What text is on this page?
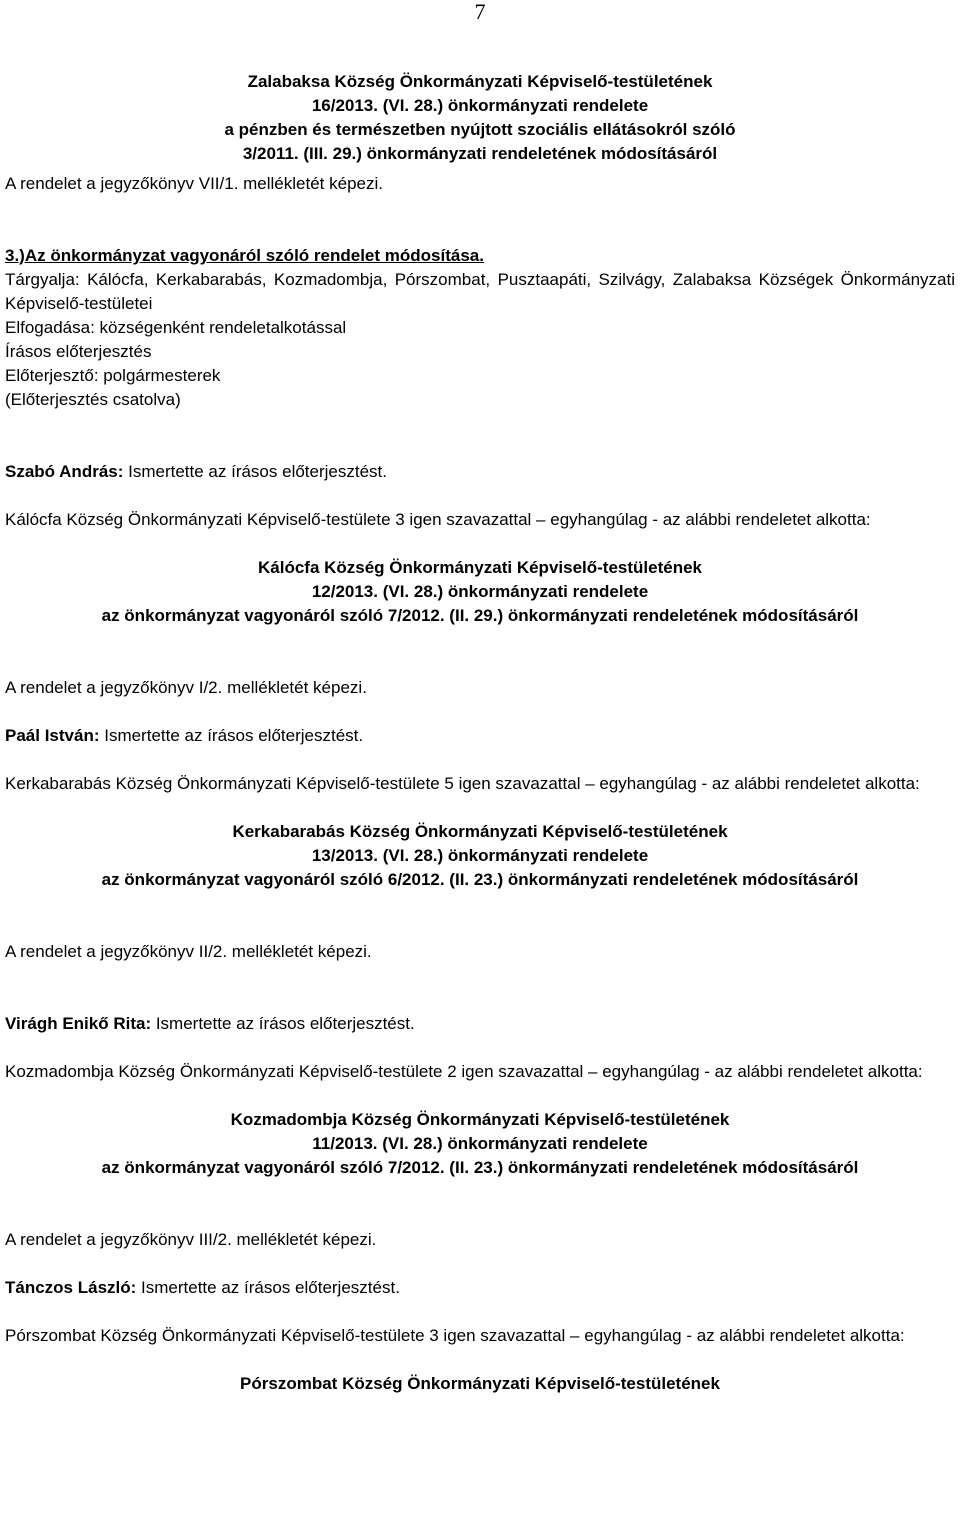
7

Zalabaksa Község Önkormányzati Képviselő-testületének

16/2013. (VI. 28.) önkormányzati rendelete

a pénzben és természetben nyújtott szociális ellátásokról szóló

3/2011. (III. 29.) önkormányzati rendeletének módosításáról

A rendelet a jegyzőkönyv VII/1. mellékletét képezi.

3.)Az önkormányzat vagyonáról szóló rendelet módosítása.

Tárgyalja: Kálócfa, Kerkabarabás, Kozmadombja, Pórszombat, Pusztaapáti, Szilvágy, Zalabaksa Községek Önkormányzati Képviselő-testületei

Elfogadása: községenként rendeletalkotással

Írásos előterjesztés

Előterjesztő: polgármesterek

(Előterjesztés csatolva)

Szabó András: Ismertette az írásos előterjesztést.

Kálócfa Község Önkormányzati Képviselő-testülete 3 igen szavazattal – egyhangúlag - az alábbi rendeletet alkotta:

Kálócfa Község Önkormányzati Képviselő-testületének

12/2013. (VI. 28.) önkormányzati rendelete

az önkormányzat vagyonáról szóló 7/2012. (II. 29.) önkormányzati rendeletének módosításáról

A rendelet a jegyzőkönyv I/2. mellékletét képezi.

Paál István: Ismertette az írásos előterjesztést.

Kerkabarabás Község Önkormányzati Képviselő-testülete 5 igen szavazattal – egyhangúlag - az alábbi rendeletet alkotta:

Kerkabarabás Község Önkormányzati Képviselő-testületének

13/2013. (VI. 28.) önkormányzati rendelete

az önkormányzat vagyonáról szóló 6/2012. (II. 23.) önkormányzati rendeletének módosításáról

A rendelet a jegyzőkönyv II/2. mellékletét képezi.

Virágh Enikő Rita: Ismertette az írásos előterjesztést.

Kozmadombja Község Önkormányzati Képviselő-testülete 2 igen szavazattal – egyhangúlag - az alábbi rendeletet alkotta:

Kozmadombja Község Önkormányzati Képviselő-testületének

11/2013. (VI. 28.) önkormányzati rendelete

az önkormányzat vagyonáról szóló 7/2012. (II. 23.) önkormányzati rendeletének módosításáról

A rendelet a jegyzőkönyv III/2. mellékletét képezi.

Tánczos László: Ismertette az írásos előterjesztést.

Pórszombat Község Önkormányzati Képviselő-testülete 3 igen szavazattal – egyhangúlag - az alábbi rendeletet alkotta:

Pórszombat Község Önkormányzati Képviselő-testületének
